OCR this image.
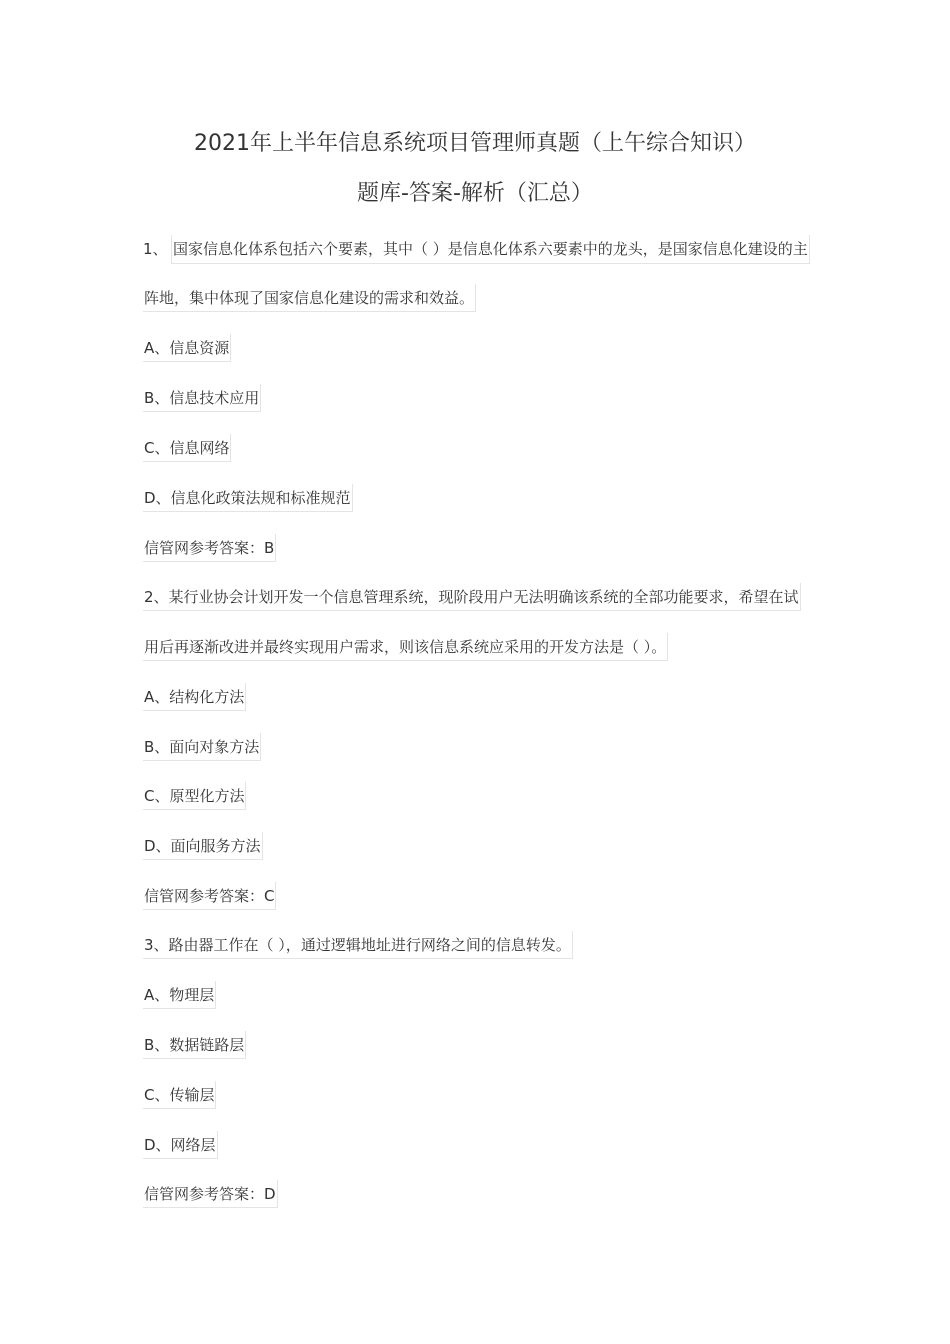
2021年上半年信息系统项目管理师真题（上午综合知识）
题库-答案-解析（汇总）
1、 国家信息化体系包括六个要素，其中（ ）是信息化体系六要素中的龙头，是国家信息化建设的主
阵地，集中体现了国家信息化建设的需求和效益。
A、信息资源
B、信息技术应用
C、信息网络
D、信息化政策法规和标准规范
信管网参考答案：B
2、某行业协会计划开发一个信息管理系统，现阶段用户无法明确该系统的全部功能要求，希望在试
用后再逐渐改进并最终实现用户需求，则该信息系统应采用的开发方法是（ ）。
A、结构化方法
B、面向对象方法
C、原型化方法
D、面向服务方法
信管网参考答案：C
3、路由器工作在（ ），通过逻辑地址进行网络之间的信息转发。
A、物理层
B、数据链路层
C、传输层
D、网络层
信管网参考答案：D
